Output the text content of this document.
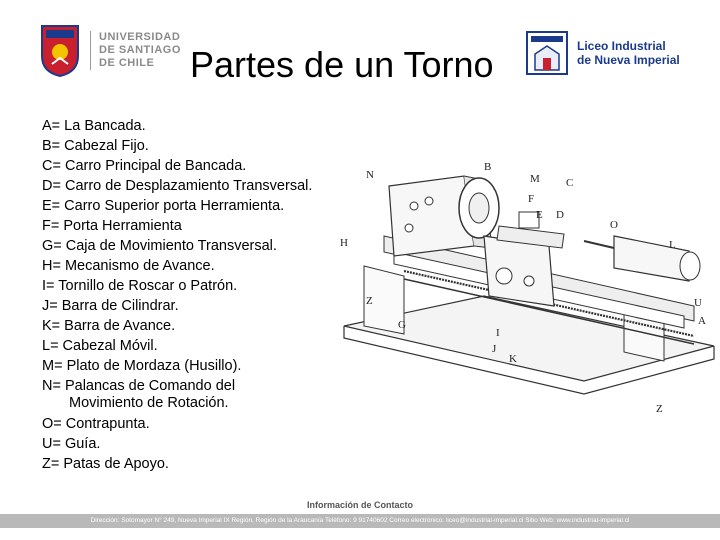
UNIVERSIDAD
DE SANTIAGO
DE CHILE Partes de un Torno	Liceo Industrial
de Nueva Imperial
A= La Bancada.
B= Cabezal Fijo.
C= Carro Principal de Bancada.
D= Carro de Desplazamiento Transversal.
E= Carro Superior porta Herramienta.
F= Porta Herramienta
G= Caja de Movimiento Transversal.
H= Mecanismo de Avance.
I= Tornillo de Roscar o Patrón.
J= Barra de Cilindrar.
K= Barra de Avance.
L= Cabezal Móvil.
M= Plato de Mordaza (Husillo).
N= Palancas de Comando del
Movimiento de Rotación.
O= Contrapunta.
U= Guía.
Z= Patas de Apoyo.
B
N
C
M
F
E D
O
L
H
Z
G
U
A
I
J
K
Z
Información de Contacto
Dirección: Sotomayor N° 249, Nueva Imperial IX Región, Región de la Araucanía Teléfono: 9 91740602 Correo electrónico: liceo@industrial-imperial.cl Sitio Web: www.industrial-imperial.cl
